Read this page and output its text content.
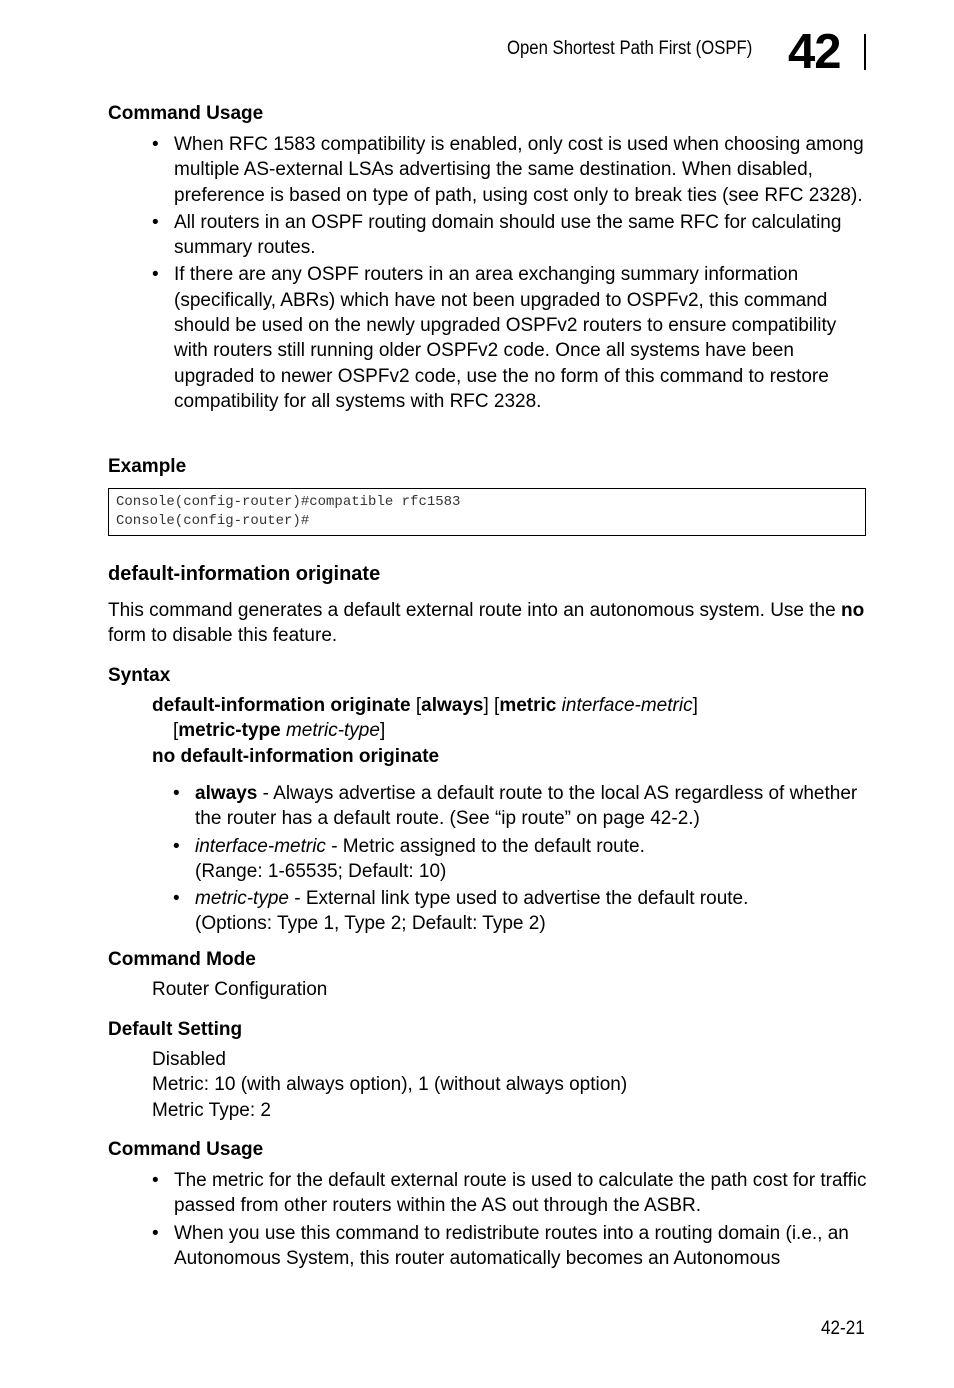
Open Shortest Path First (OSPF) 42
Command Usage
• When RFC 1583 compatibility is enabled, only cost is used when choosing among multiple AS-external LSAs advertising the same destination. When disabled, preference is based on type of path, using cost only to break ties (see RFC 2328).
• All routers in an OSPF routing domain should use the same RFC for calculating summary routes.
• If there are any OSPF routers in an area exchanging summary information (specifically, ABRs) which have not been upgraded to OSPFv2, this command should be used on the newly upgraded OSPFv2 routers to ensure compatibility with routers still running older OSPFv2 code. Once all systems have been upgraded to newer OSPFv2 code, use the no form of this command to restore compatibility for all systems with RFC 2328.
Example
Console(config-router)#compatible rfc1583
Console(config-router)#
default-information originate
This command generates a default external route into an autonomous system. Use the no form to disable this feature.
Syntax
default-information originate [always] [metric interface-metric]
[metric-type metric-type]
no default-information originate
• always - Always advertise a default route to the local AS regardless of whether the router has a default route. (See “ip route” on page 42-2.)
• interface-metric - Metric assigned to the default route.
(Range: 1-65535; Default: 10)
• metric-type - External link type used to advertise the default route.
(Options: Type 1, Type 2; Default: Type 2)
Command Mode
Router Configuration
Default Setting
Disabled
Metric: 10 (with always option), 1 (without always option)
Metric Type: 2
Command Usage
• The metric for the default external route is used to calculate the path cost for traffic passed from other routers within the AS out through the ASBR.
• When you use this command to redistribute routes into a routing domain (i.e., an Autonomous System, this router automatically becomes an Autonomous
42-21
